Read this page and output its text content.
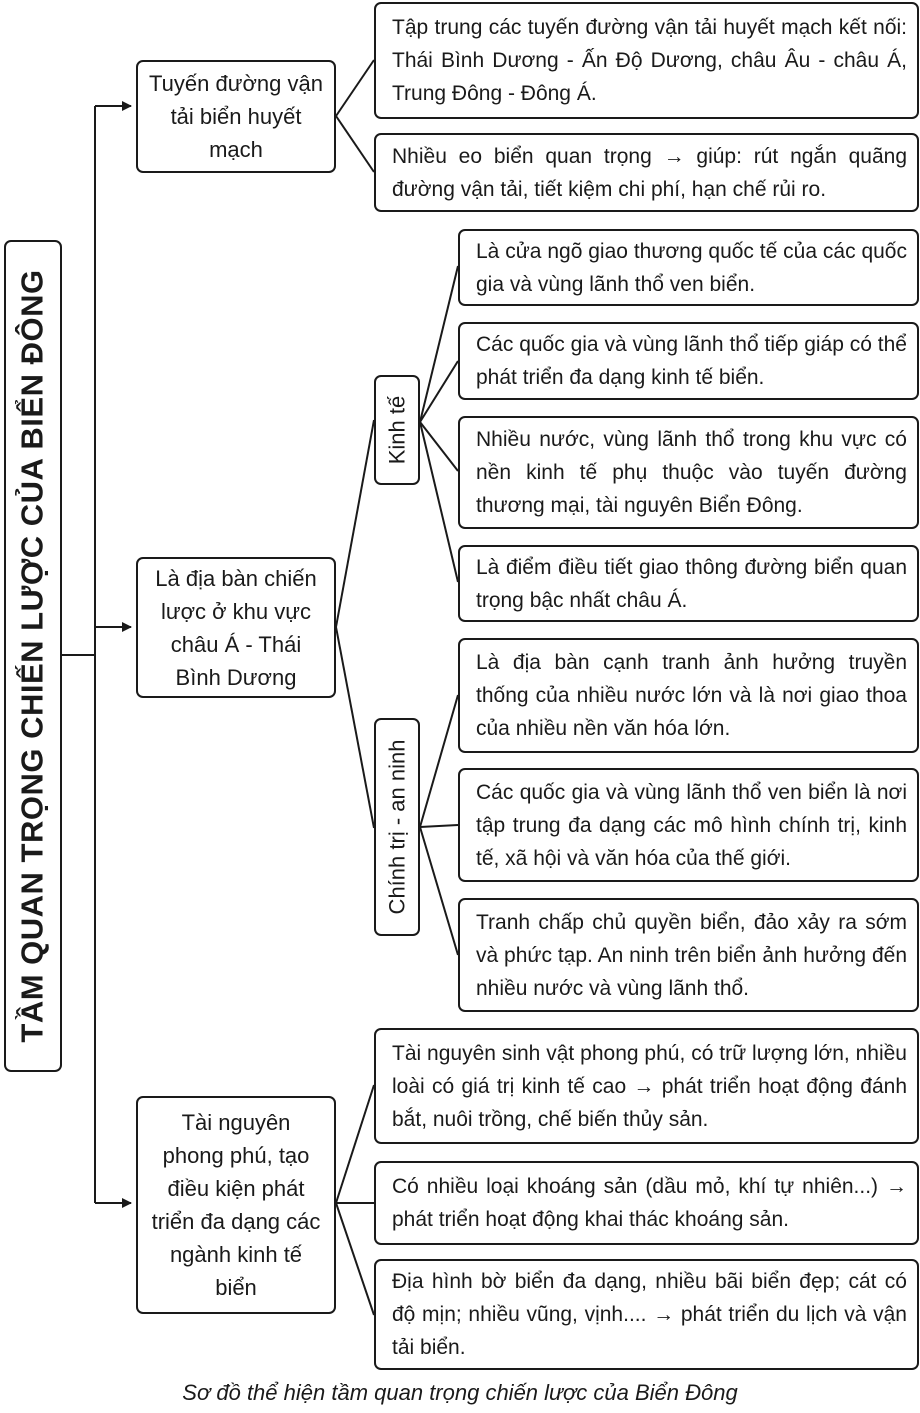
TẦM QUAN TRỌNG CHIẾN LƯỢC CỦA BIỂN ĐÔNG
Tuyến đường vận tải biển huyết mạch
Tập trung các tuyến đường vận tải huyết mạch kết nối: Thái Bình Dương - Ấn Độ Dương, châu Âu - châu Á, Trung Đông - Đông Á.
Nhiều eo biển quan trọng → giúp: rút ngắn quãng đường vận tải, tiết kiệm chi phí, hạn chế rủi ro.
Là địa bàn chiến lược ở khu vực châu Á - Thái Bình Dương
Kinh tế
Là cửa ngõ giao thương quốc tế của các quốc gia và vùng lãnh thổ ven biển.
Các quốc gia và vùng lãnh thổ tiếp giáp có thể phát triển đa dạng kinh tế biển.
Nhiều nước, vùng lãnh thổ trong khu vực có nền kinh tế phụ thuộc vào tuyến đường thương mại, tài nguyên Biển Đông.
Là điểm điều tiết giao thông đường biển quan trọng bậc nhất châu Á.
Chính trị - an ninh
Là địa bàn cạnh tranh ảnh hưởng truyền thống của nhiều nước lớn và là nơi giao thoa của nhiều nền văn hóa lớn.
Các quốc gia và vùng lãnh thổ ven biển là nơi tập trung đa dạng các mô hình chính trị, kinh tế, xã hội và văn hóa của thế giới.
Tranh chấp chủ quyền biển, đảo xảy ra sớm và phức tạp. An ninh trên biển ảnh hưởng đến nhiều nước và vùng lãnh thổ.
Tài nguyên phong phú, tạo điều kiện phát triển đa dạng các ngành kinh tế biển
Tài nguyên sinh vật phong phú, có trữ lượng lớn, nhiều loài có giá trị kinh tế cao → phát triển hoạt động đánh bắt, nuôi trồng, chế biến thủy sản.
Có nhiều loại khoáng sản (dầu mỏ, khí tự nhiên...) → phát triển hoạt động khai thác khoáng sản.
Địa hình bờ biển đa dạng, nhiều bãi biển đẹp; cát có độ mịn; nhiều vũng, vịnh.... → phát triển du lịch và vận tải biển.
Sơ đồ thể hiện tầm quan trọng chiến lược của Biển Đông
